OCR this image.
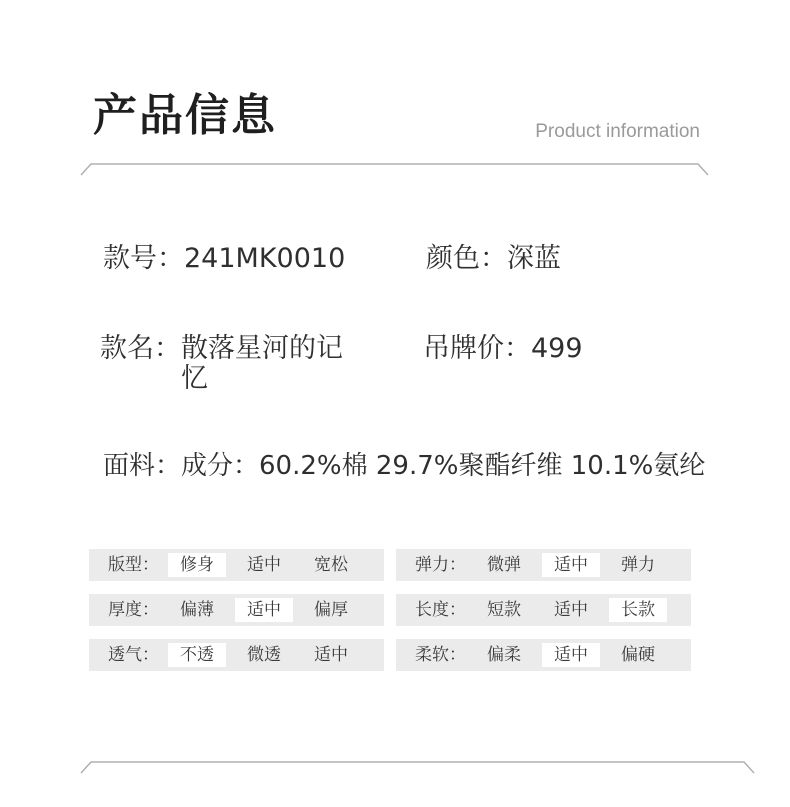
产品信息	Product information
款号：241MK0010	颜色：深蓝
款名： 散落星河的记忆
吊牌价：499
面料：成分：60.2%棉 29.7%聚酯纤维 10.1%氨纶
版型：	修身	适中	宽松	弹力：	微弹	适中	弹力
厚度：	偏薄	适中	偏厚	长度：	短款	适中	长款
透气：	不透	微透	适中	柔软：	偏柔	适中	偏硬
